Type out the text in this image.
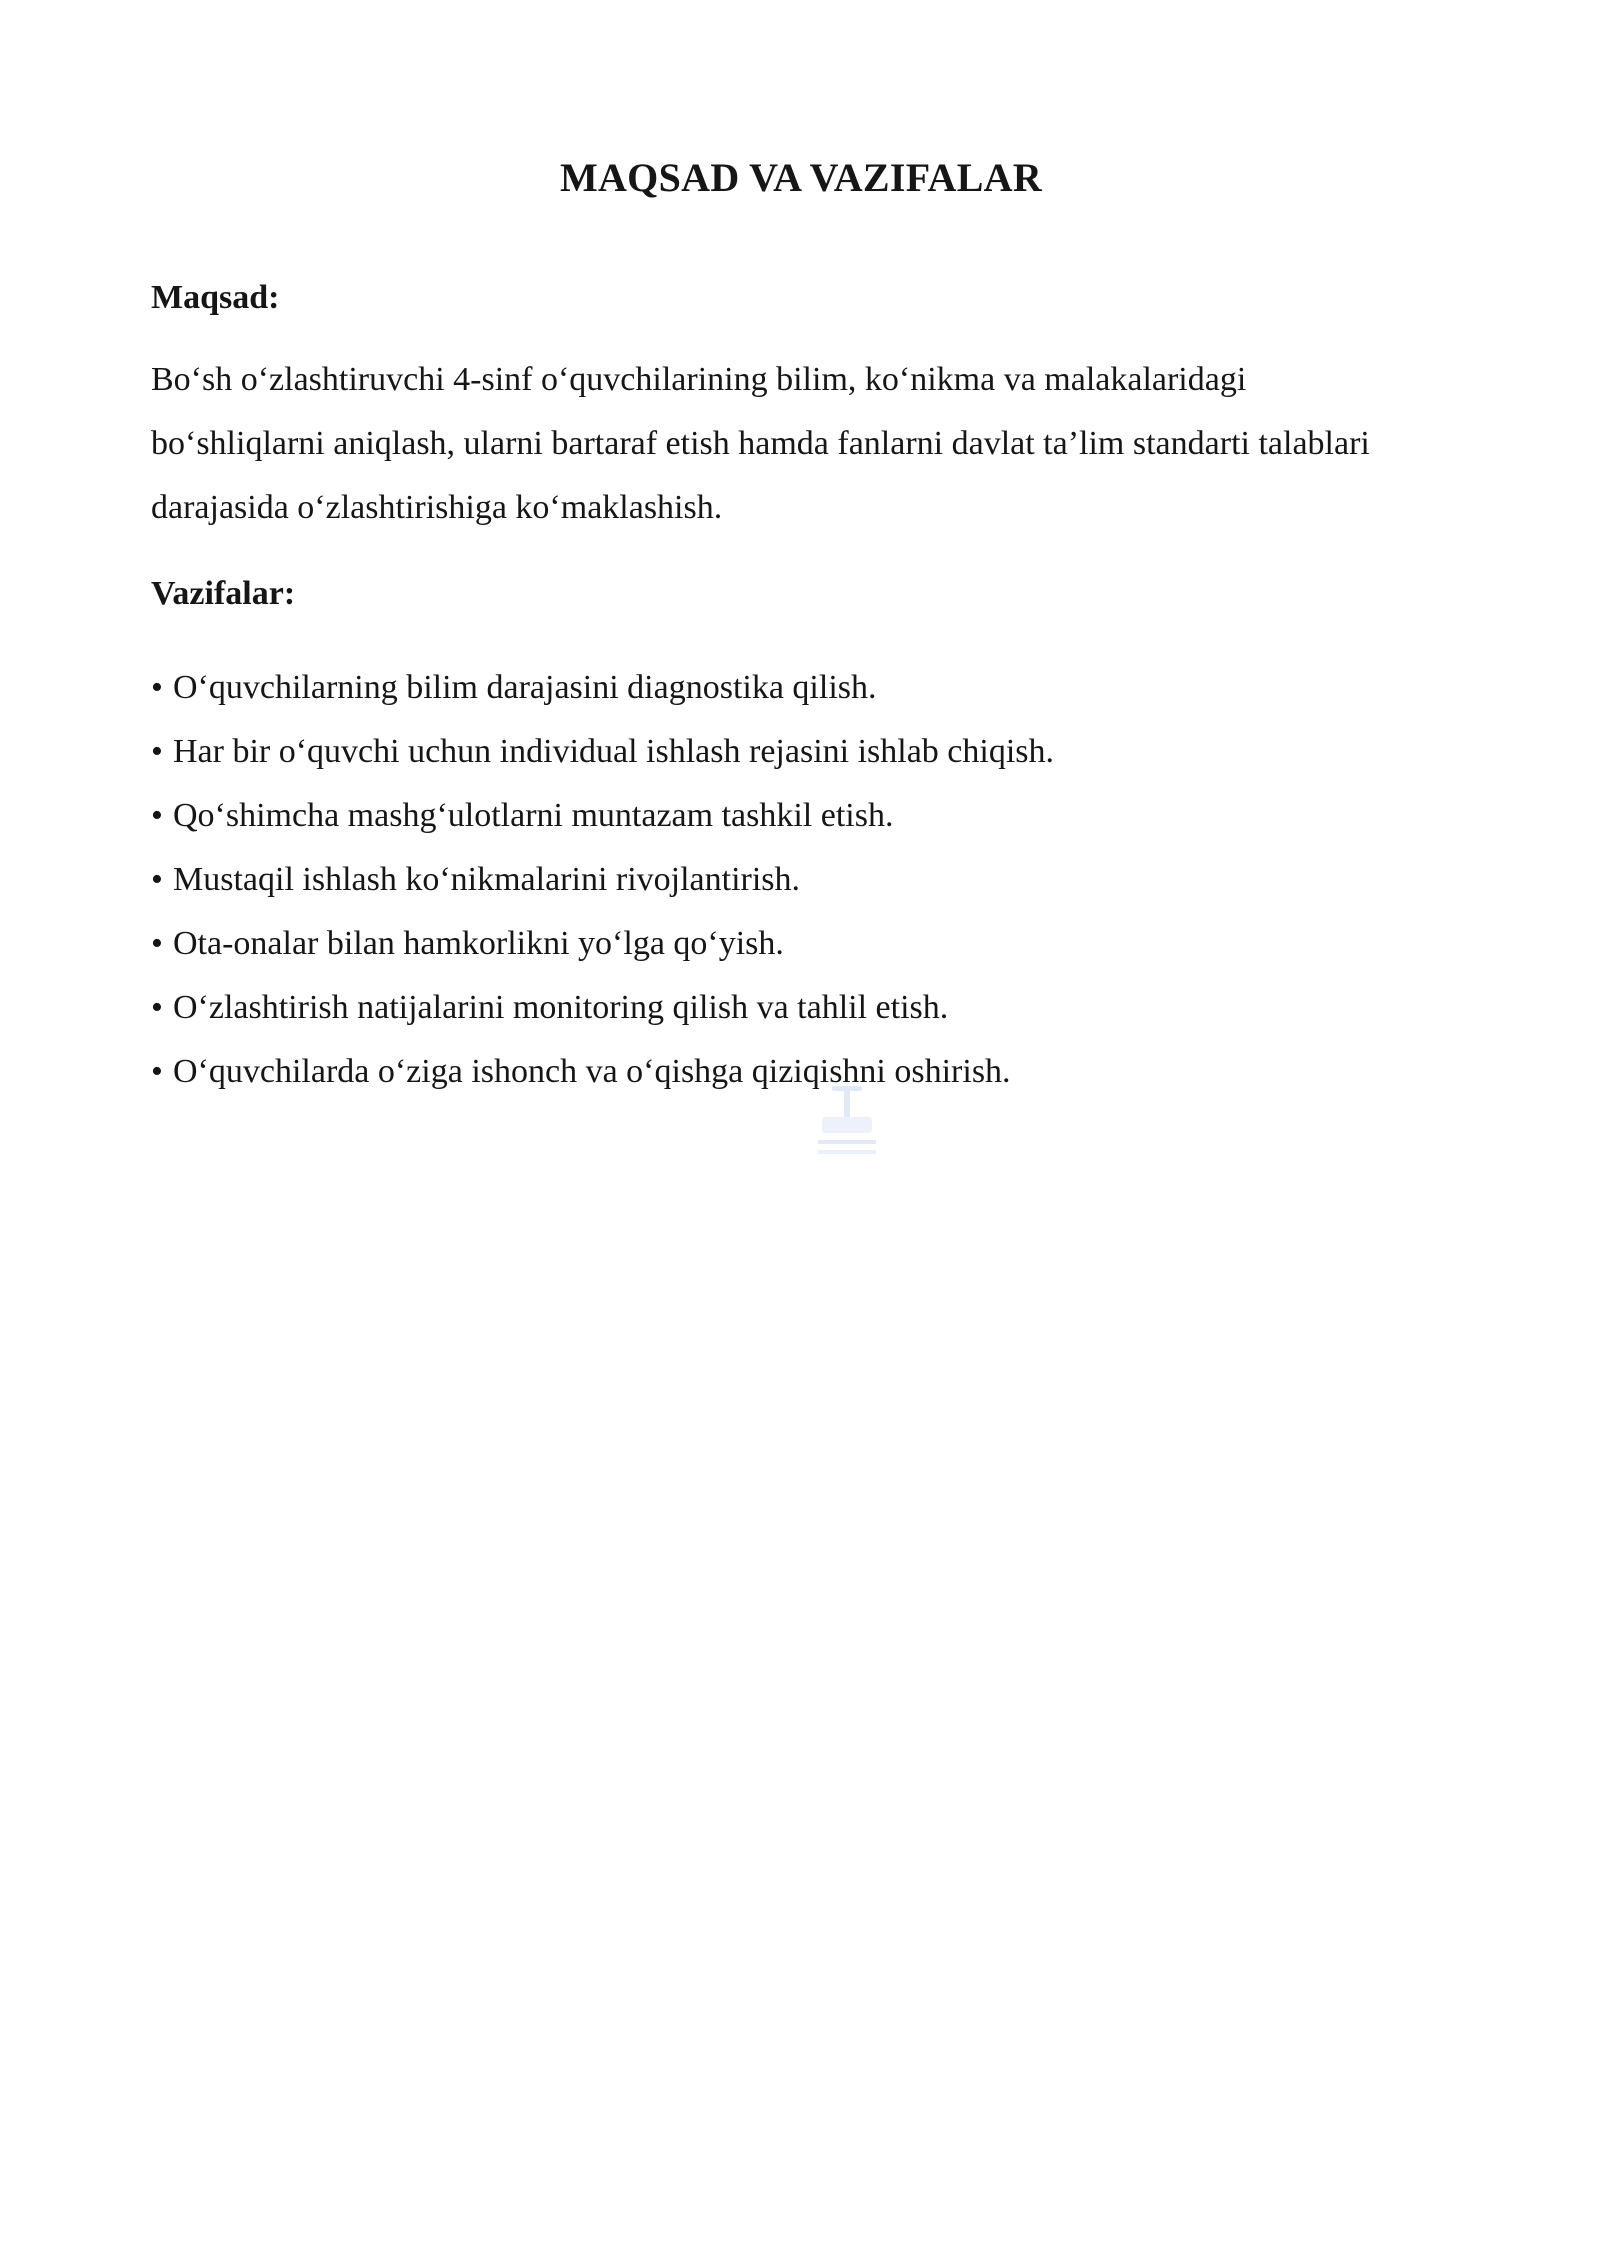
MAQSAD VA VAZIFALAR
Maqsad:

Bo‘sh o‘zlashtiruvchi 4-sinf o‘quvchilarining bilim, ko‘nikma va malakalaridagi bo‘shliqlarni aniqlash, ularni bartaraf etish hamda fanlarni davlat ta’lim standarti talablari darajasida o‘zlashtirishiga ko‘maklashish.

Vazifalar:
• O‘quvchilarning bilim darajasini diagnostika qilish.
• Har bir o‘quvchi uchun individual ishlash rejasini ishlab chiqish.
• Qo‘shimcha mashg‘ulotlarni muntazam tashkil etish.
• Mustaqil ishlash ko‘nikmalarini rivojlantirish.
• Ota-onalar bilan hamkorlikni yo‘lga qo‘yish.
• O‘zlashtirish natijalarini monitoring qilish va tahlil etish.
• O‘quvchilarda o‘ziga ishonch va o‘qishga qiziqishni oshirish.
